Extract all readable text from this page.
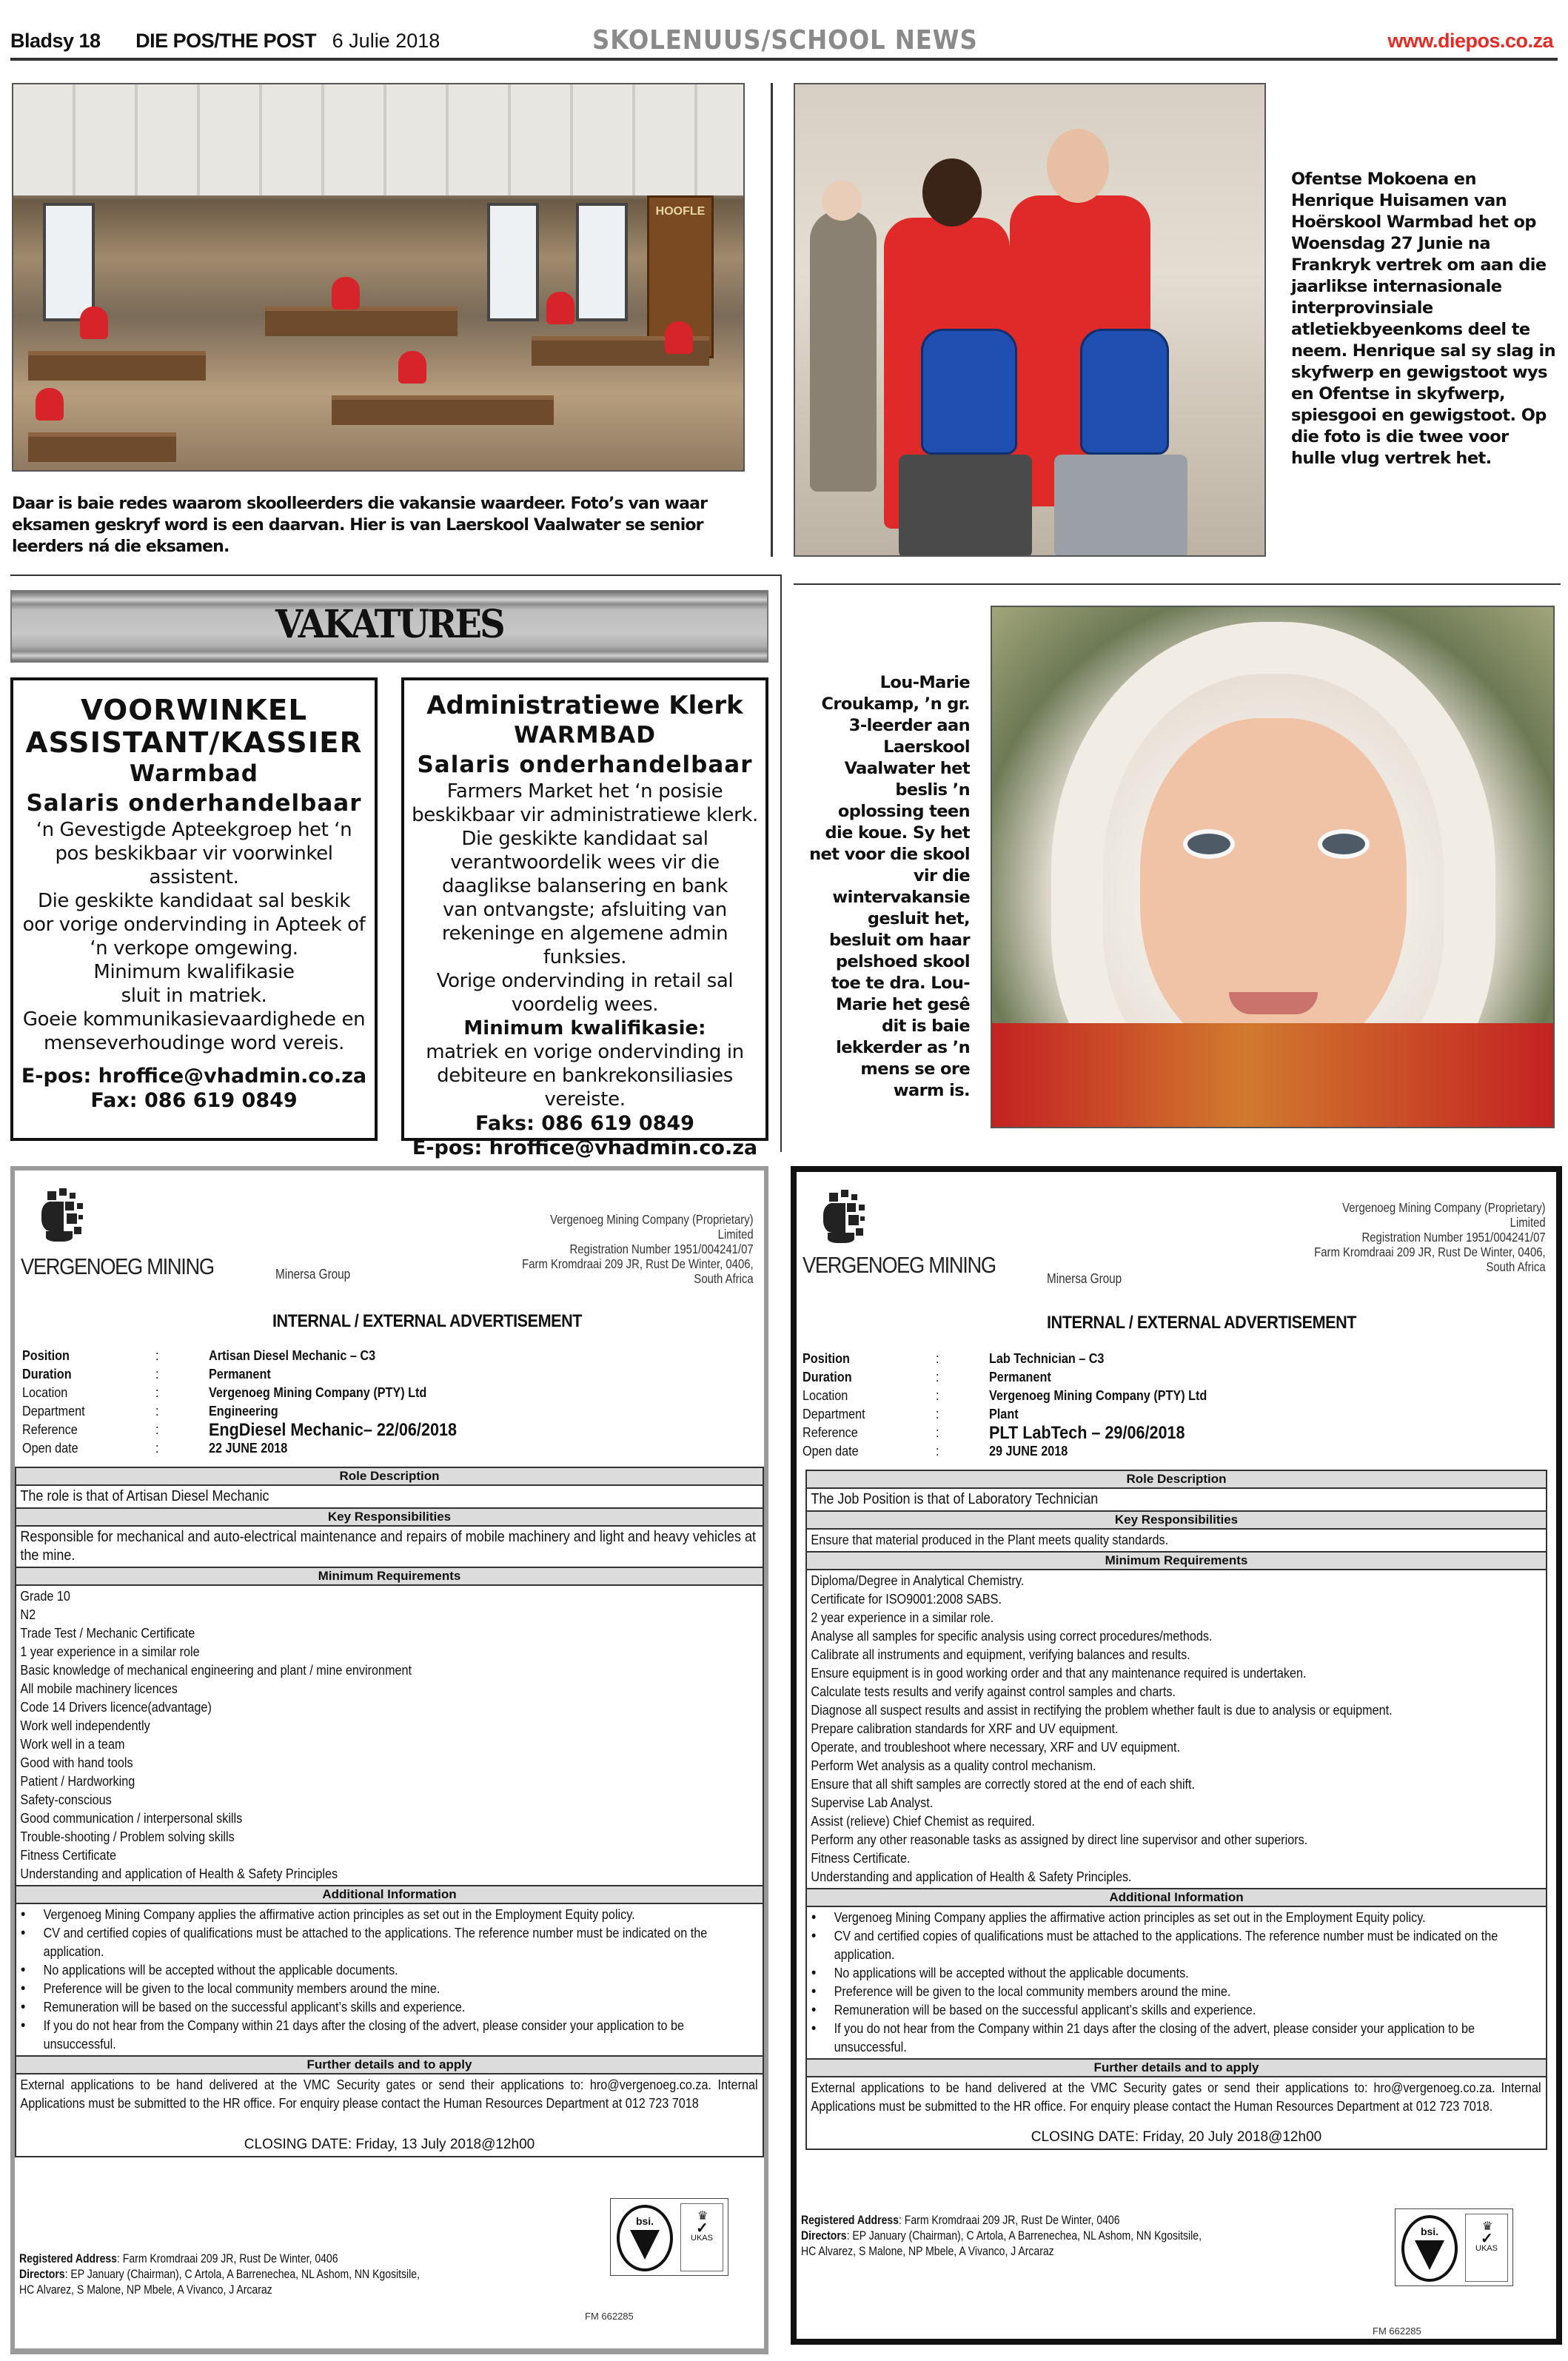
Bladsy 18 DIE POS/THE POST 6 Julie 2018	SKOLENUUS/SCHOOL NEWS	www.diepos.co.za
HOOFLE
Daar is baie redes waarom skoolleerders die vakansie waardeer. Foto’s van waar eksamen geskryf word is een daarvan. Hier is van Laerskool Vaalwater se senior leerders ná die eksamen.
Ofentse Mokoena en Henrique Huisamen van Hoërskool Warmbad het op Woensdag 27 Junie na Frankryk vertrek om aan die jaarlikse internasionale interprovinsiale atletiekbyeenkoms deel te neem. Henrique sal sy slag in skyfwerp en gewigstoot wys en Ofentse in skyfwerp, spiesgooi en gewigstoot. Op die foto is die twee voor hulle vlug vertrek het.
VAKATURES
VOORWINKEL
ASSISTANT/KASSIER
Warmbad
Salaris onderhandelbaar
‘n Gevestigde Apteekgroep het ‘n pos beskikbaar vir voorwinkel assistent.
Die geskikte kandidaat sal beskik oor vorige ondervinding in Apteek of ‘n verkope omgewing.
Minimum kwalifikasie sluit in matriek.
Goeie kommunikasievaardighede en menseverhoudinge word vereis.
E-pos: hroffice@vhadmin.co.za
Fax: 086 619 0849
Administratiewe Klerk
WARMBAD
Salaris onderhandelbaar
Farmers Market het ‘n posisie beskikbaar vir administratiewe klerk.
Die geskikte kandidaat sal verantwoordelik wees vir die daaglikse balansering en bank van ontvangste; afsluiting van rekeninge en algemene admin funksies.
Vorige ondervinding in retail sal voordelig wees.
Minimum kwalifikasie:
matriek en vorige ondervinding in debiteure en bankrekonsiliasies vereiste.
Faks: 086 619 0849
E-pos: hroffice@vhadmin.co.za
Lou-Marie Croukamp, ’n gr. 3-leerder aan Laerskool Vaalwater het beslis ’n oplossing teen die koue. Sy het net voor die skool vir die wintervakansie gesluit het, besluit om haar pelshoed skool toe te dra. Lou-Marie het gesê dit is baie lekkerder as ’n mens se ore warm is.
VERGENOEG MINING	Minersa Group
Vergenoeg Mining Company (Proprietary)
Limited
Registration Number 1951/004241/07
Farm Kromdraai 209 JR, Rust De Winter, 0406,
South Africa
INTERNAL / EXTERNAL ADVERTISEMENT
Position	:	Artisan Diesel Mechanic – C3
Duration	:	Permanent
Location	:	Vergenoeg Mining Company (PTY) Ltd
Department	:	Engineering
Reference	:	EngDiesel Mechanic– 22/06/2018
Open date	:	22 JUNE 2018
Role Description
The role is that of Artisan Diesel Mechanic
Key Responsibilities
Responsible for mechanical and auto-electrical maintenance and repairs of mobile machinery and light and heavy vehicles at the mine.
Minimum Requirements
Grade 10
N2
Trade Test / Mechanic Certificate
1 year experience in a similar role
Basic knowledge of mechanical engineering and plant / mine environment
All mobile machinery licences
Code 14 Drivers licence(advantage)
Work well independently
Work well in a team
Good with hand tools
Patient / Hardworking
Safety-conscious
Good communication / interpersonal skills
Trouble-shooting / Problem solving skills
Fitness Certificate
Understanding and application of Health & Safety Principles
Additional Information
•	Vergenoeg Mining Company applies the affirmative action principles as set out in the Employment Equity policy.
•	CV and certified copies of qualifications must be attached to the applications. The reference number must be indicated on the application.
•	No applications will be accepted without the applicable documents.
•	Preference will be given to the local community members around the mine.
•	Remuneration will be based on the successful applicant’s skills and experience.
•	If you do not hear from the Company within 21 days after the closing of the advert, please consider your application to be unsuccessful.
Further details and to apply
External applications to be hand delivered at the VMC Security gates or send their applications to: hro@vergenoeg.co.za. Internal Applications must be submitted to the HR office. For enquiry please contact the Human Resources Department at 012 723 7018
CLOSING DATE: Friday, 13 July 2018@12h00
Registered Address: Farm Kromdraai 209 JR, Rust De Winter, 0406
Directors: EP January (Chairman), C Artola, A Barrenechea, NL Ashom, NN Kgositsile,
HC Alvarez, S Malone, NP Mbele, A Vivanco, J Arcaraz
bsi.	♛
✓
UKAS
FM 662285
VERGENOEG MINING
Minersa Group
Vergenoeg Mining Company (Proprietary)
Limited
Registration Number 1951/004241/07
Farm Kromdraai 209 JR, Rust De Winter, 0406,
South Africa
INTERNAL / EXTERNAL ADVERTISEMENT
Position	:	Lab Technician – C3
Duration	:	Permanent
Location	:	Vergenoeg Mining Company (PTY) Ltd
Department	:	Plant
Reference	:	PLT LabTech – 29/06/2018
Open date	:	29 JUNE 2018
Role Description
The Job Position is that of Laboratory Technician
Key Responsibilities
Ensure that material produced in the Plant meets quality standards.
Minimum Requirements
Diploma/Degree in Analytical Chemistry.
Certificate for ISO9001:2008 SABS.
2 year experience in a similar role.
Analyse all samples for specific analysis using correct procedures/methods.
Calibrate all instruments and equipment, verifying balances and results.
Ensure equipment is in good working order and that any maintenance required is undertaken.
Calculate tests results and verify against control samples and charts.
Diagnose all suspect results and assist in rectifying the problem whether fault is due to analysis or equipment.
Prepare calibration standards for XRF and UV equipment.
Operate, and troubleshoot where necessary, XRF and UV equipment.
Perform Wet analysis as a quality control mechanism.
Ensure that all shift samples are correctly stored at the end of each shift.
Supervise Lab Analyst.
Assist (relieve) Chief Chemist as required.
Perform any other reasonable tasks as assigned by direct line supervisor and other superiors.
Fitness Certificate.
Understanding and application of Health & Safety Principles.
Additional Information
•	Vergenoeg Mining Company applies the affirmative action principles as set out in the Employment Equity policy.
•	CV and certified copies of qualifications must be attached to the applications. The reference number must be indicated on the application.
•	No applications will be accepted without the applicable documents.
•	Preference will be given to the local community members around the mine.
•	Remuneration will be based on the successful applicant’s skills and experience.
•	If you do not hear from the Company within 21 days after the closing of the advert, please consider your application to be unsuccessful.
Further details and to apply
External applications to be hand delivered at the VMC Security gates or send their applications to: hro@vergenoeg.co.za. Internal Applications must be submitted to the HR office. For enquiry please contact the Human Resources Department at 012 723 7018.
CLOSING DATE: Friday, 20 July 2018@12h00
Registered Address: Farm Kromdraai 209 JR, Rust De Winter, 0406
Directors: EP January (Chairman), C Artola, A Barrenechea, NL Ashom, NN Kgositsile,
HC Alvarez, S Malone, NP Mbele, A Vivanco, J Arcaraz
bsi.	♛
✓
UKAS
FM 662285
